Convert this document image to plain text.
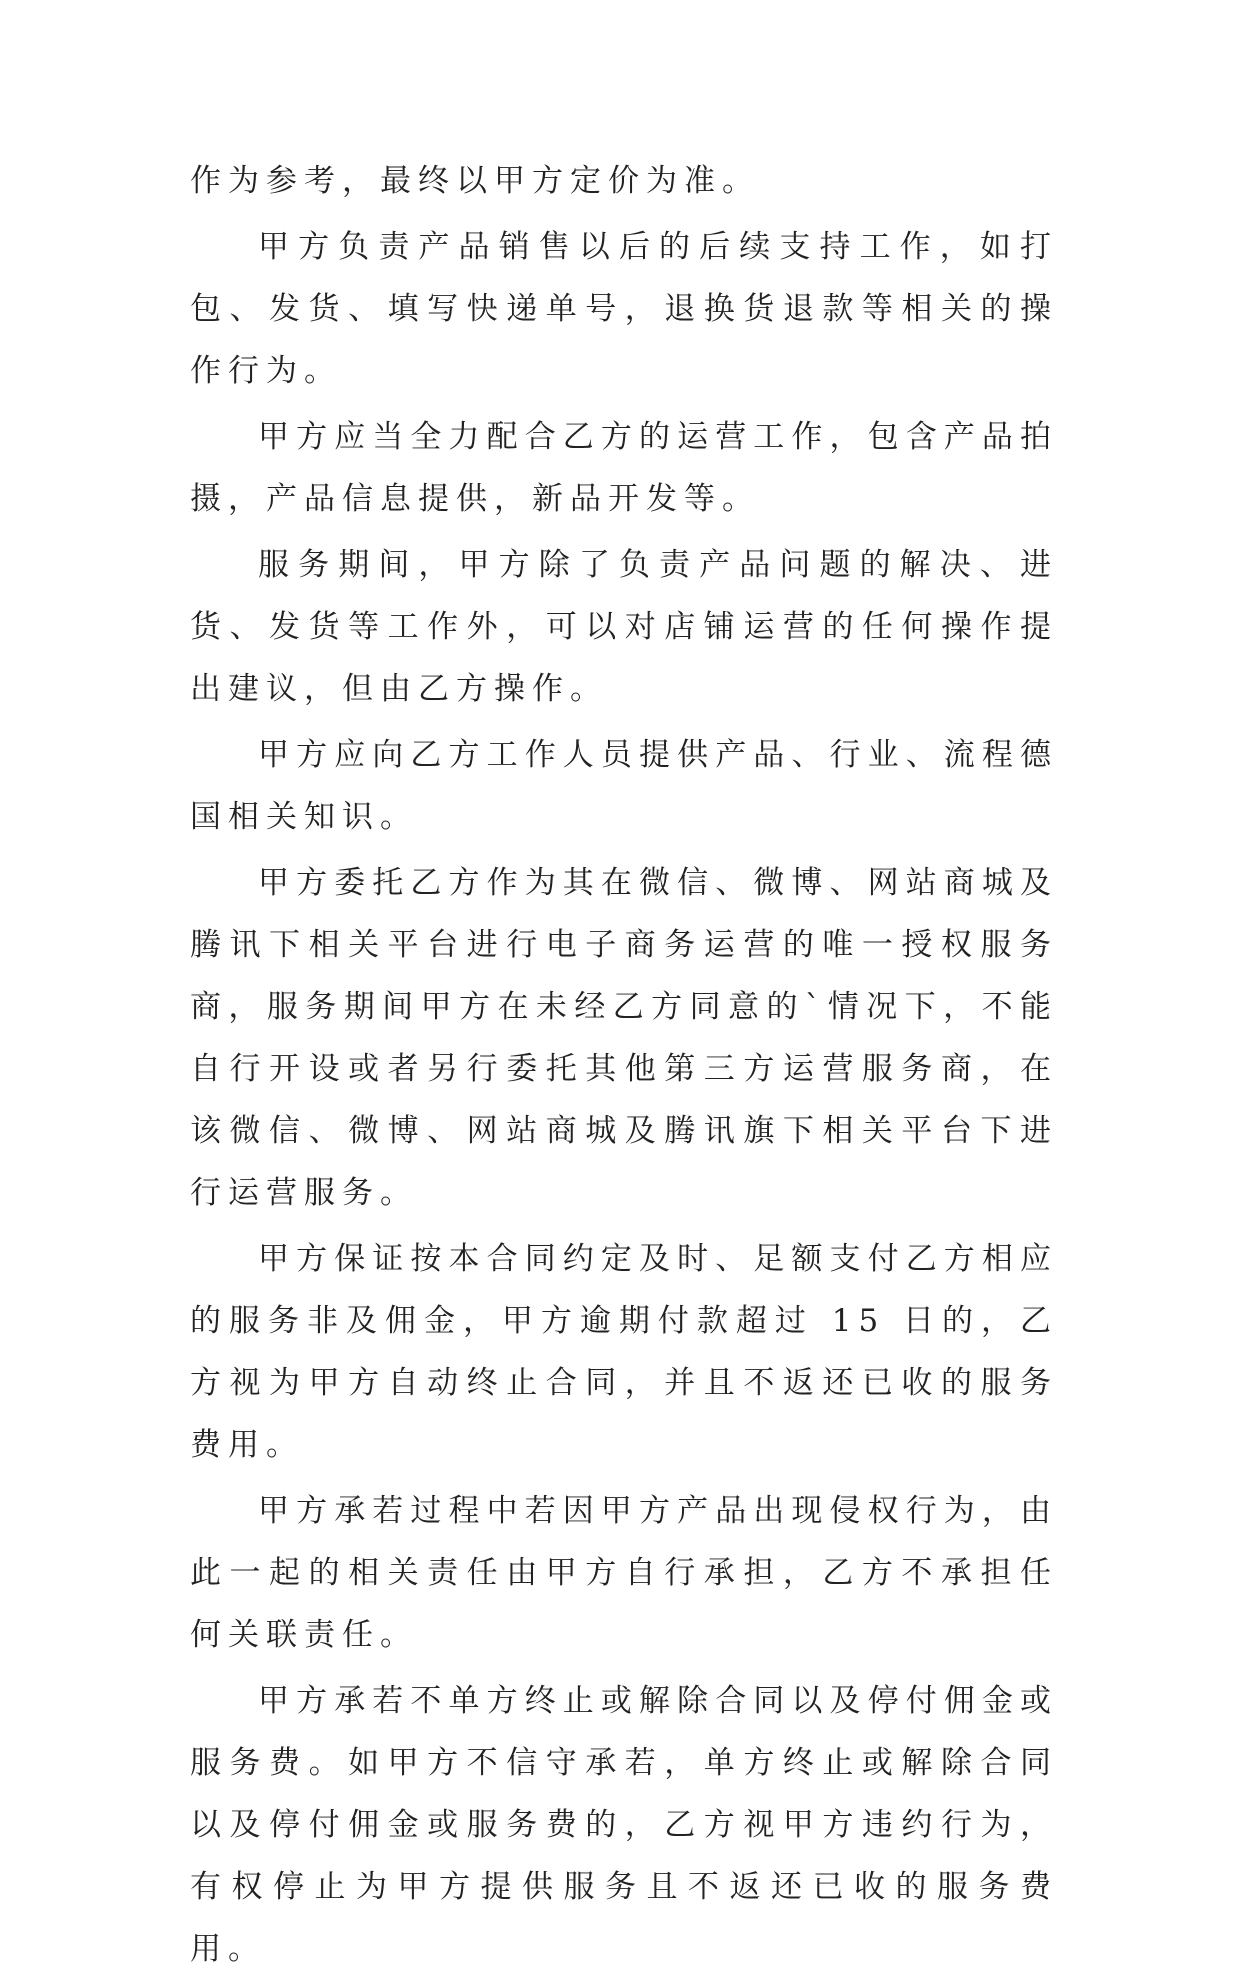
作为参考，最终以甲方定价为准。

甲方负责产品销售以后的后续支持工作，如打包、发货、填写快递单号，退换货退款等相关的操作行为。

甲方应当全力配合乙方的运营工作，包含产品拍摄，产品信息提供，新品开发等。

服务期间，甲方除了负责产品问题的解决、进货、发货等工作外，可以对店铺运营的任何操作提出建议，但由乙方操作。

甲方应向乙方工作人员提供产品、行业、流程德国相关知识。

甲方委托乙方作为其在微信、微博、网站商城及腾讯下相关平台进行电子商务运营的唯一授权服务商，服务期间甲方在未经乙方同意的`情况下，不能自行开设或者另行委托其他第三方运营服务商，在该微信、微博、网站商城及腾讯旗下相关平台下进行运营服务。

甲方保证按本合同约定及时、足额支付乙方相应的服务非及佣金，甲方逾期付款超过 15 日的，乙方视为甲方自动终止合同，并且不返还已收的服务费用。

甲方承若过程中若因甲方产品出现侵权行为，由此一起的相关责任由甲方自行承担，乙方不承担任何关联责任。

甲方承若不单方终止或解除合同以及停付佣金或服务费。如甲方不信守承若，单方终止或解除合同以及停付佣金或服务费的，乙方视甲方违约行为，有权停止为甲方提供服务且不返还已收的服务费用。
